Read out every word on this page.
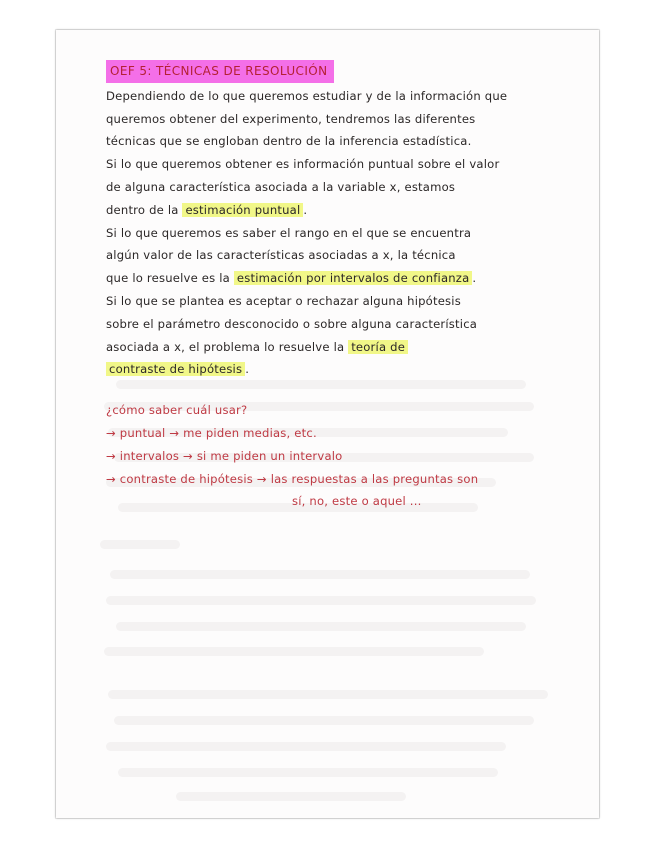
OEF 5: TÉCNICAS DE RESOLUCIÓN
Dependiendo de lo que queremos estudiar y de la información que
queremos obtener del experimento, tendremos las diferentes
técnicas que se engloban dentro de la inferencia estadística.
Si lo que queremos obtener es información puntual sobre el valor
de alguna característica asociada a la variable x, estamos
dentro de la estimación puntual .
Si lo que queremos es saber el rango en el que se encuentra
algún valor de las características asociadas a x, la técnica
que lo resuelve es la estimación por intervalos de confianza .
Si lo que se plantea es aceptar o rechazar alguna hipótesis
sobre el parámetro desconocido o sobre alguna característica
asociada a x, el problema lo resuelve la teoría de
contraste de hipótesis .
¿cómo saber cuál usar?
→ puntual → me piden medias, etc.
→ intervalos → si me piden un intervalo
→ contraste de hipótesis → las respuestas a las preguntas son
sí, no, este o aquel ...
